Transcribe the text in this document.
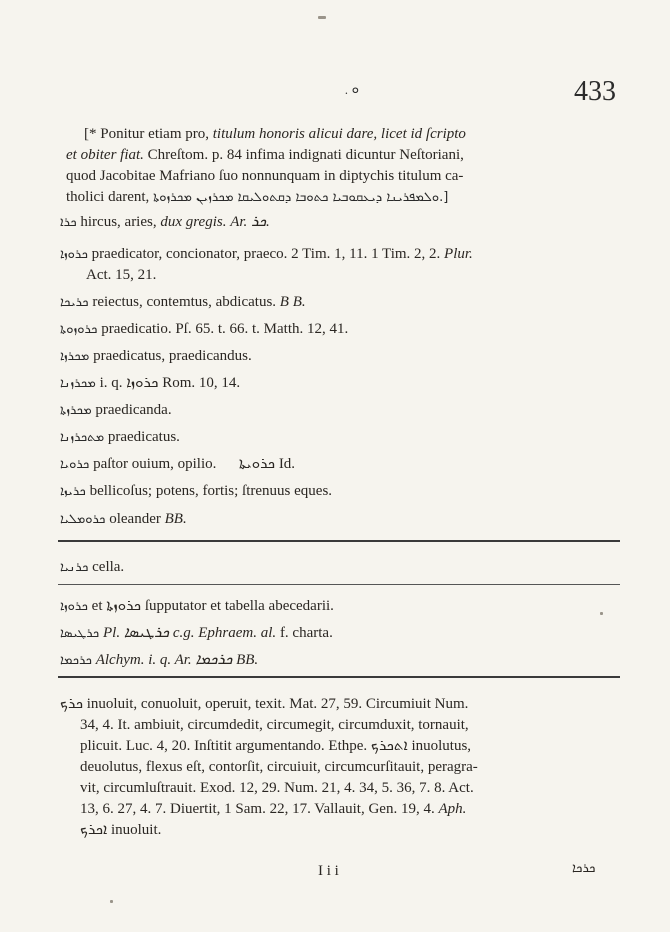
ܘ ܂	433
[* Ponitur etiam pro, titulum honoris alicui dare, licet id ſcripto
et obiter fiat. Chreſtom. p. 84 infima indignati dicuntur Neſtoriani,
quod Jacobitae Mafriano ſuo nonnunquam in diptychis titulum ca-
tholici darent, ܘܠܡܦܪܝܢܐ ܕܝܥܩܘܒܝܐ ܟܬܘܒܐ ܕܩܬܘܠܝܩܐ ܡܟܪܙܝܢ ܡܟܪܙܘܬܐ.]
ܟܪܐ hircus, aries, dux gregis. Ar. ܟܪ.
ܟܪܘܙܐ praedicator, concionator, praeco. 2 Tim. 1, 11. 1 Tim. 2, 2. Plur.
Act. 15, 21.
ܟܪܝܟܐ reiectus, contemtus, abdicatus. B B.
ܟܪܘܙܘܬܐ praedicatio. Pſ. 65. t. 66. t. Matth. 12, 41.
ܡܟܪܙܐ praedicatus, praedicandus.
ܡܟܪܙܢܐ i. q. ܟܪܘܙܐ Rom. 10, 14.
ܡܟܪܙܬܐ praedicanda.
ܡܬܟܪܙܢܐ praedicatus.
ܟܪܘܝܐ paſtor ouium, opilio. ܟܪܘܝܬܐ Id.
ܟܪܝܙܐ bellicoſus; potens, fortis; ſtrenuus eques.
ܟܪܘܡܠܝܐ oleander BB.
ܟܪܢܝܐ cella.
ܟܪܘܙܐ et ܟܪܘܙܬܐ ſupputator et tabella abecedarii.
ܟܪܛܝܣܐ Pl. ܟܪܛܝܣܐ c.g. Ephraem. al. f. charta.
ܟܪܟܡܐ Alchym. i. q. Ar. ܟܪܟܡܐ BB.
ܟܪܟ inuoluit, conuoluit, operuit, texit. Mat. 27, 59. Circumiuit Num.
34, 4. It. ambiuit, circumdedit, circumegit, circumduxit, tornauit,
plicuit. Luc. 4, 20. Inſtitit argumentando. Ethpe. ܐܬܟܪܟ inuolutus,
deuolutus, flexus eſt, contorſit, circuiuit, circumcurſitauit, peragra-
vit, circumluſtrauit. Exod. 12, 29. Num. 21, 4. 34, 5. 36, 7. 8. Act.
13, 6. 27, 4. 7. Diuertit, 1 Sam. 22, 17. Vallauit, Gen. 19, 4. Aph.
ܐܟܪܟ inuoluit.
I i i	ܟܪܟܐ
